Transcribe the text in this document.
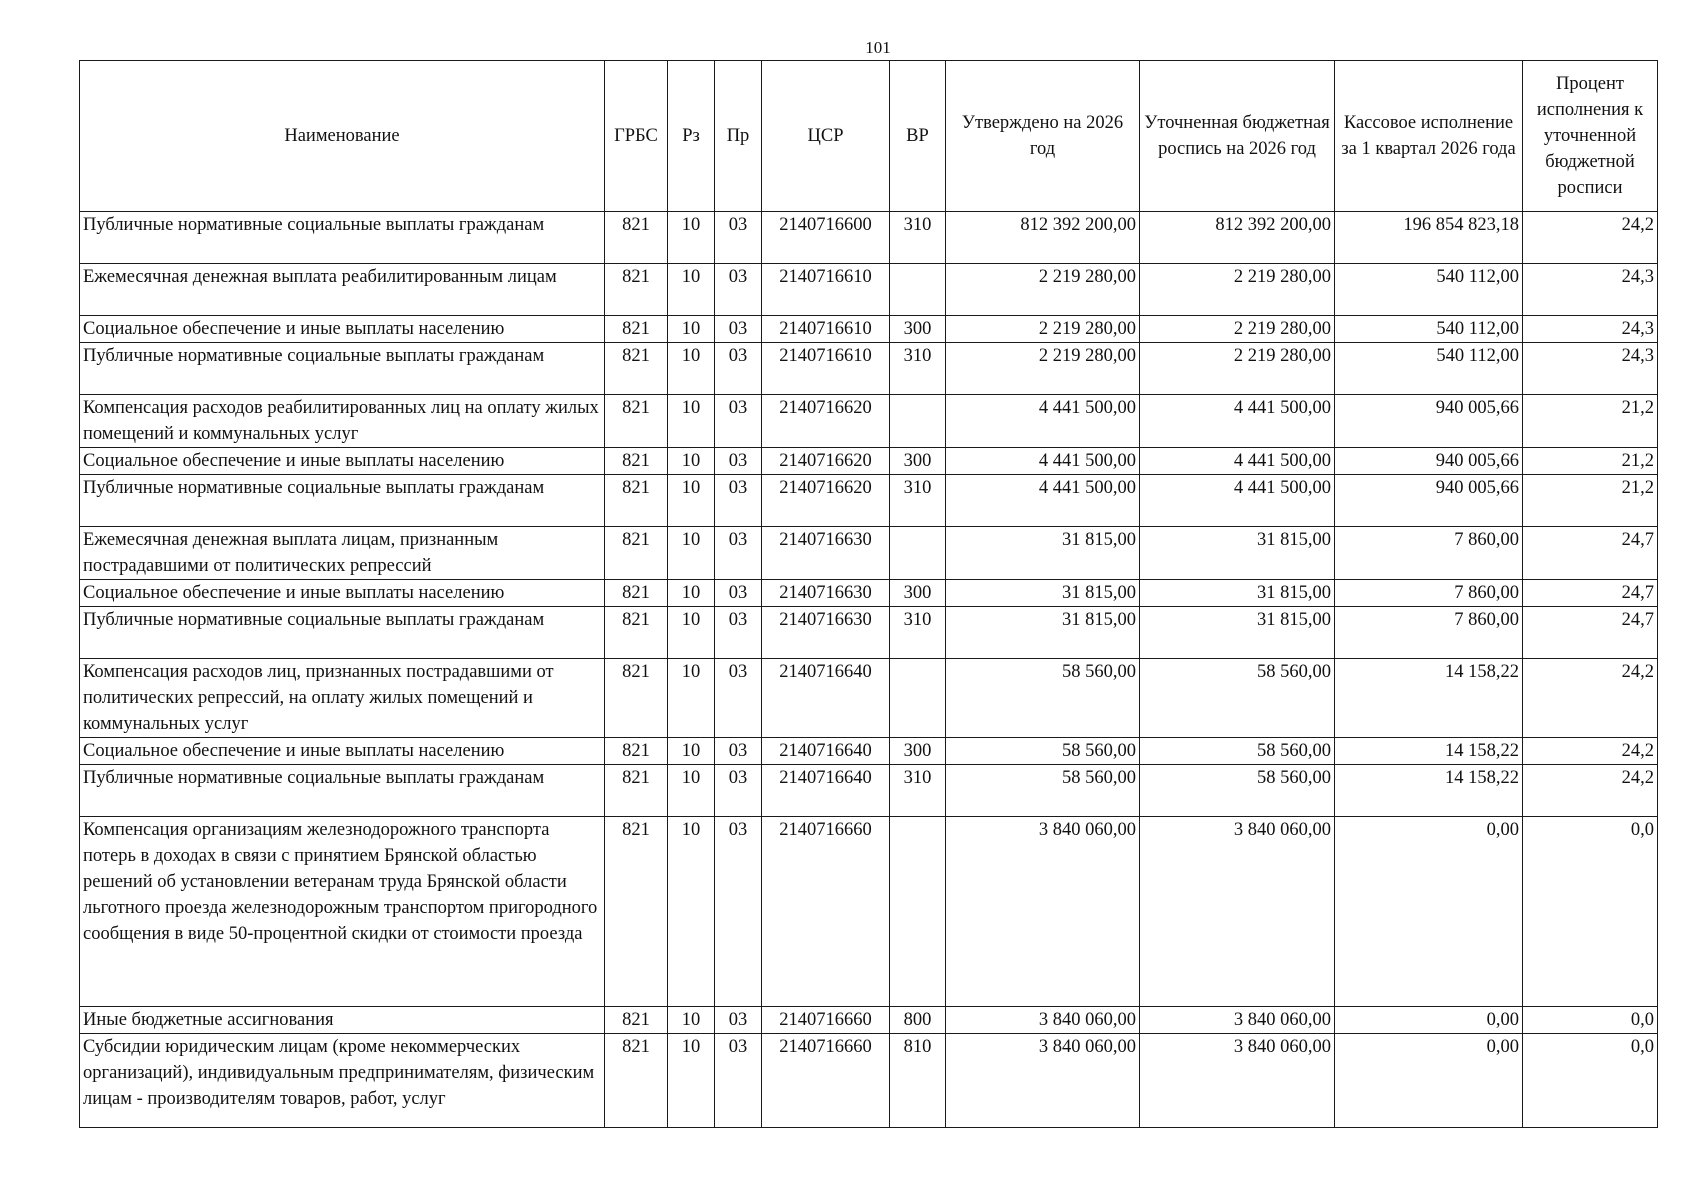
101
Наименование	ГРБС	Рз	Пр	ЦСР	ВР	Утверждено на 2026 год	Уточненная бюджетная роспись на 2026 год	Кассовое исполнение за 1 квартал 2026 года	Процент исполнения к уточненной бюджетной росписи
Публичные нормативные социальные выплаты гражданам	821	10	03	2140716600	310	812 392 200,00	812 392 200,00	196 854 823,18	24,2
Ежемесячная денежная выплата реабилитированным лицам	821	10	03	2140716610		2 219 280,00	2 219 280,00	540 112,00	24,3
Социальное обеспечение и иные выплаты населению	821	10	03	2140716610	300	2 219 280,00	2 219 280,00	540 112,00	24,3
Публичные нормативные социальные выплаты гражданам	821	10	03	2140716610	310	2 219 280,00	2 219 280,00	540 112,00	24,3
Компенсация расходов реабилитированных лиц на оплату жилых помещений и коммунальных услуг	821	10	03	2140716620		4 441 500,00	4 441 500,00	940 005,66	21,2
Социальное обеспечение и иные выплаты населению	821	10	03	2140716620	300	4 441 500,00	4 441 500,00	940 005,66	21,2
Публичные нормативные социальные выплаты гражданам	821	10	03	2140716620	310	4 441 500,00	4 441 500,00	940 005,66	21,2
Ежемесячная денежная выплата лицам, признанным пострадавшими от политических репрессий	821	10	03	2140716630		31 815,00	31 815,00	7 860,00	24,7
Социальное обеспечение и иные выплаты населению	821	10	03	2140716630	300	31 815,00	31 815,00	7 860,00	24,7
Публичные нормативные социальные выплаты гражданам	821	10	03	2140716630	310	31 815,00	31 815,00	7 860,00	24,7
Компенсация расходов лиц, признанных пострадавшими от политических репрессий, на оплату жилых помещений и коммунальных услуг	821	10	03	2140716640		58 560,00	58 560,00	14 158,22	24,2
Социальное обеспечение и иные выплаты населению	821	10	03	2140716640	300	58 560,00	58 560,00	14 158,22	24,2
Публичные нормативные социальные выплаты гражданам	821	10	03	2140716640	310	58 560,00	58 560,00	14 158,22	24,2
Компенсация организациям железнодорожного транспорта потерь в доходах в связи с принятием Брянской областью решений об установлении ветеранам труда Брянской области льготного проезда железнодорожным транспортом пригородного сообщения в виде 50-процентной скидки от стоимости проезда	821	10	03	2140716660		3 840 060,00	3 840 060,00	0,00	0,0
Иные бюджетные ассигнования	821	10	03	2140716660	800	3 840 060,00	3 840 060,00	0,00	0,0
Субсидии юридическим лицам (кроме некоммерческих организаций), индивидуальным предпринимателям, физическим лицам - производителям товаров, работ, услуг	821	10	03	2140716660	810	3 840 060,00	3 840 060,00	0,00	0,0
